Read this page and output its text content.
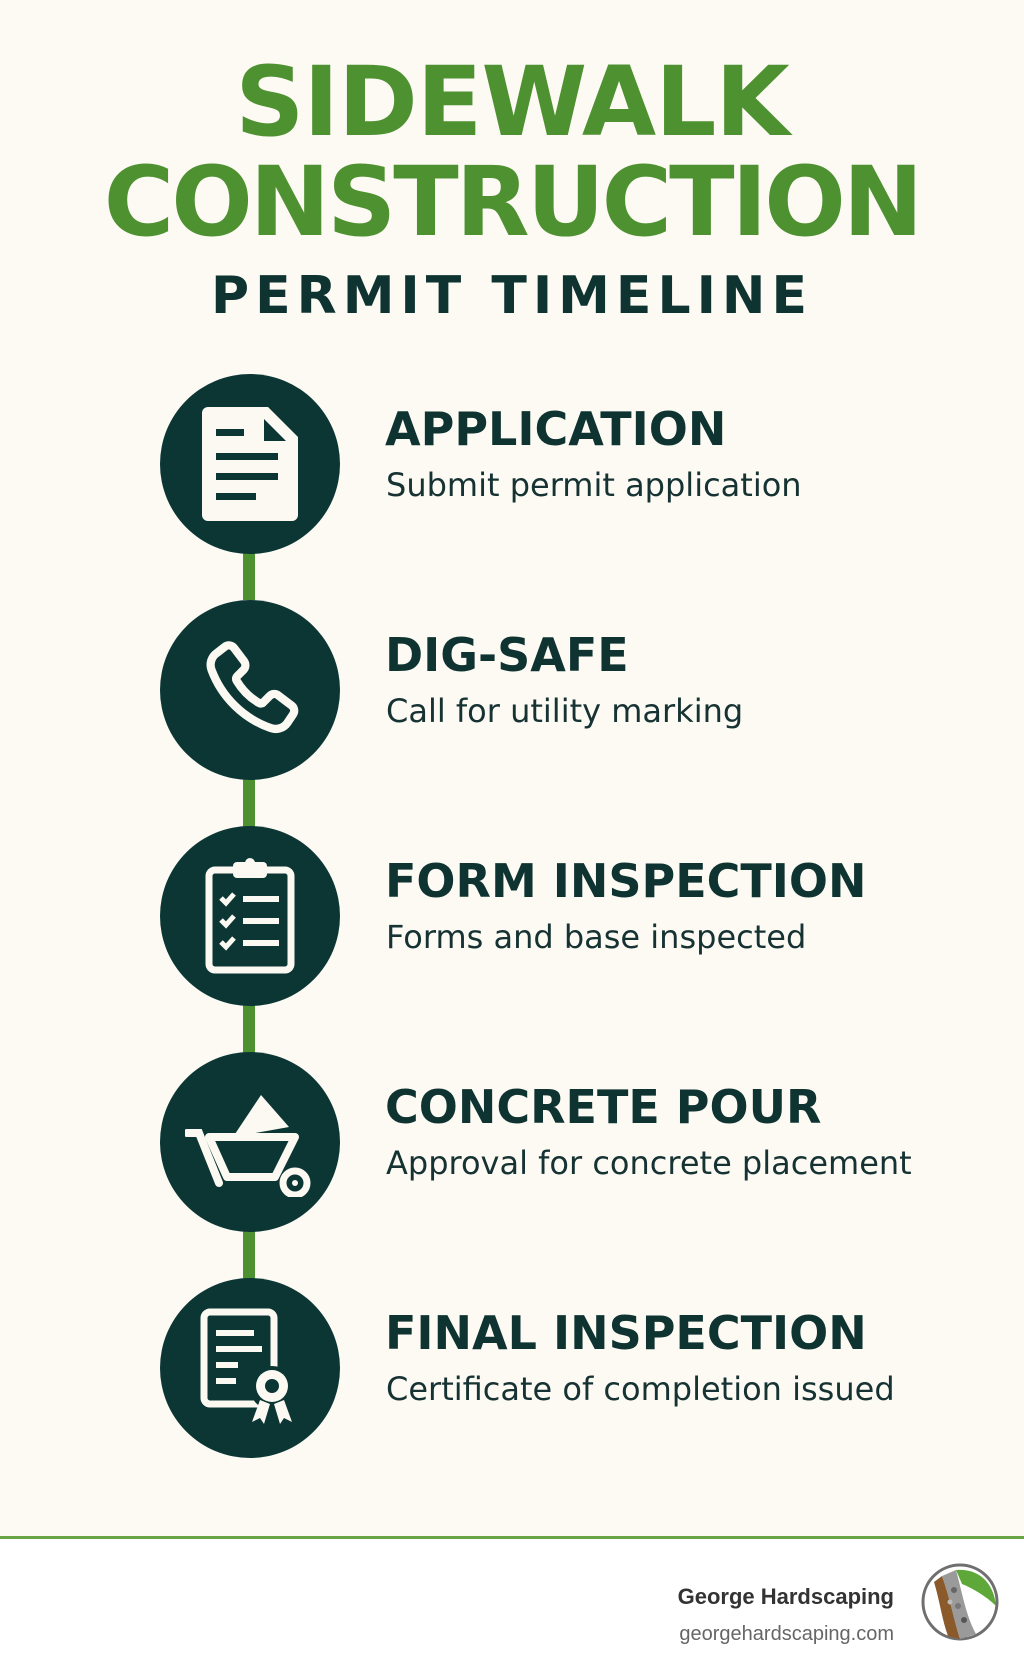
SIDEWALK
CONSTRUCTION
PERMIT TIMELINE
APPLICATION
Submit permit application
DIG-SAFE
Call for utility marking
FORM INSPECTION
Forms and base inspected
CONCRETE POUR
Approval for concrete placement
FINAL INSPECTION
Certificate of completion issued
George Hardscaping
georgehardscaping.com
